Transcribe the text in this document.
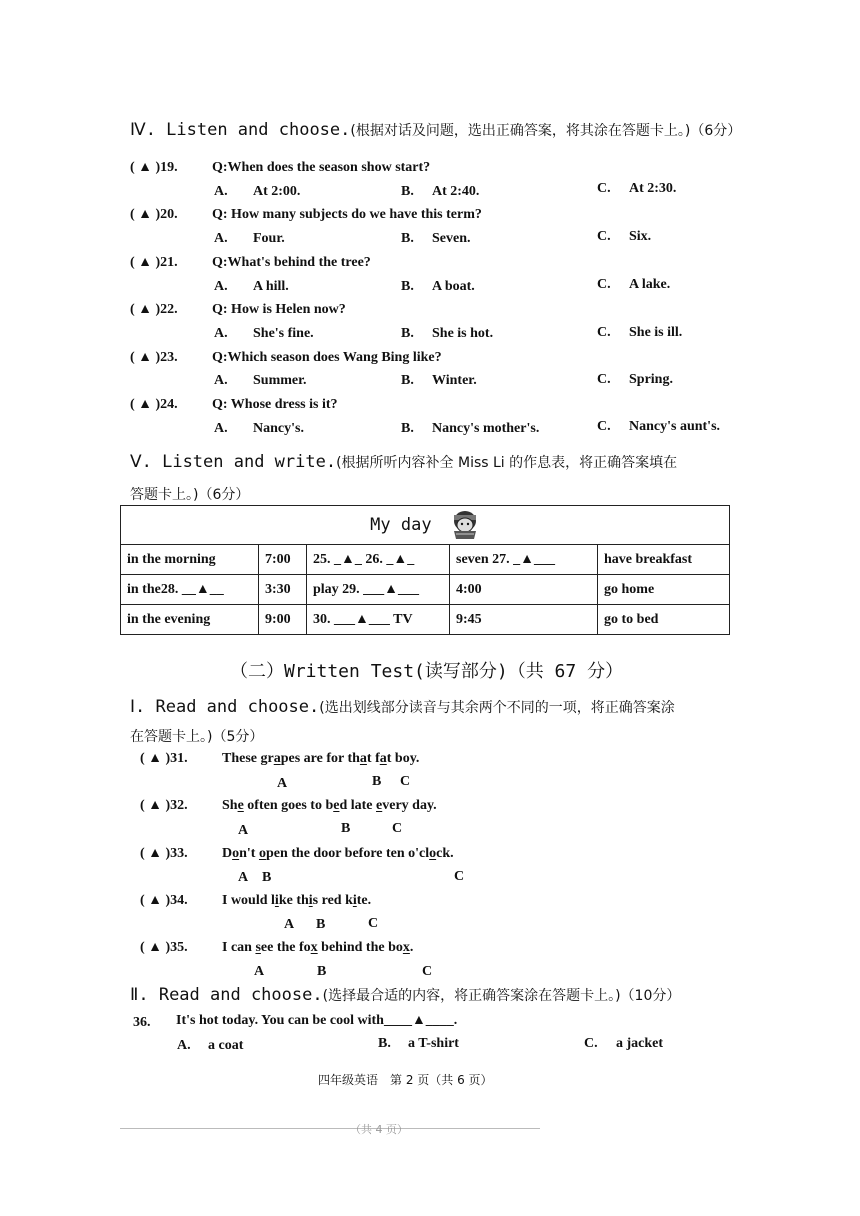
Ⅳ. Listen and choose.(根据对话及问题，选出正确答案，将其涂在答题卡上。)（6分）
( ▲ )19. Q:When does the season show start?
A. At 2:00.	B. At 2:40.	C. At 2:30.
( ▲ )20. Q: How many subjects do we have this term?
A. Four.	B. Seven.	C. Six.
( ▲ )21. Q:What's behind the tree?
A. A hill.	B. A boat.	C. A lake.
( ▲ )22. Q: How is Helen now?
A. She's fine.	B. She is hot.	C. She is ill.
( ▲ )23. Q:Which season does Wang Bing like?
A. Summer.	B. Winter.	C. Spring.
( ▲ )24. Q: Whose dress is it?
A. Nancy's.	B. Nancy's mother's.	C. Nancy's aunt's.
Ⅴ. Listen and write.(根据所听内容补全 Miss Li 的作息表，将正确答案填在
答题卡上。)（6分）
My day				
in the morning	7:00	25. _▲_ 26. _▲_	seven 27. _▲___	have breakfast
in the28. __▲__	3:30	play 29. ___▲___	4:00	go home
in the evening	9:00	30. ___▲___ TV	9:45	go to bed
（二）Written Test(读写部分)（共 67 分）
Ⅰ. Read and choose.(选出划线部分读音与其余两个不同的一项，将正确答案涂
在答题卡上。)（5分）
( ▲ )31. These grapes are for that fat boy.
A	B C
( ▲ )32. She often goes to bed late every day.
A	B	C
( ▲ )33. Don't open the door before ten o'clock.
A B	C
( ▲ )34. I would like this red kite.
A B	C
( ▲ )35. I can see the fox behind the box.
A	B	C
Ⅱ. Read and choose.(选择最合适的内容，将正确答案涂在答题卡上。)（10分）
36. It's hot today. You can be cool with____▲____.
A. a coat	B. a T-shirt	C. a jacket
四年级英语　第 2 页（共 6 页）
（共 4 页）
